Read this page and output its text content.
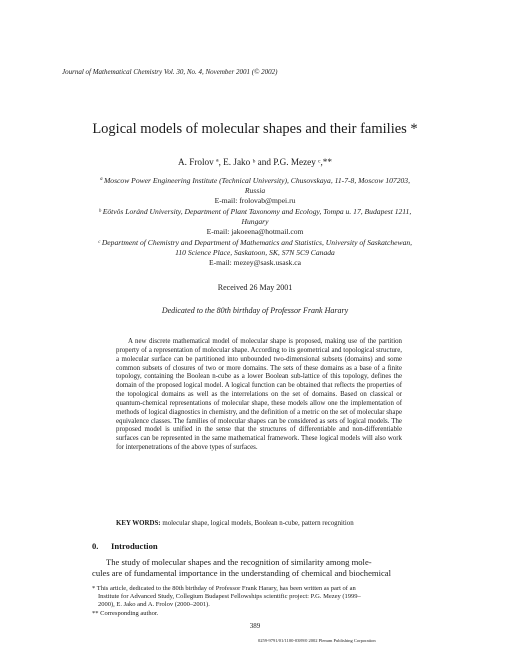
Journal of Mathematical Chemistry Vol. 30, No. 4, November 2001 (© 2002)
Logical models of molecular shapes and their families *
A. Frolov ª, E. Jako ᵇ and P.G. Mezey ᶜ,**
ª Moscow Power Engineering Institute (Technical University), Chusovskaya, 11-7-8, Moscow 107203,
Russia
E-mail: frolovab@mpei.ru
ᵇ Eötvös Loránd University, Department of Plant Taxonomy and Ecology, Tompa u. 17, Budapest 1211,
Hungary
E-mail: jakoeena@hotmail.com
ᶜ Department of Chemistry and Department of Mathematics and Statistics, University of Saskatchewan,
110 Science Place, Saskatoon, SK, S7N 5C9 Canada
E-mail: mezey@sask.usask.ca
Received 26 May 2001
Dedicated to the 80th birthday of Professor Frank Harary

A new discrete mathematical model of molecular shape is proposed, making use of the partition property of a representation of molecular shape. According to its geometrical and topological structure, a molecular surface can be partitioned into unbounded two-dimensional subsets (domains) and some common subsets of closures of two or more domains. The sets of these domains as a base of a finite topology, containing the Boolean n-cube as a lower Boolean sub-lattice of this topology, defines the domain of the proposed logical model. A logical function can be obtained that reflects the properties of the topological domains as well as the interrelations on the set of domains. Based on classical or quantum-chemical representations of molecular shape, these models allow one the implementation of methods of logical diagnostics in chemistry, and the definition of a metric on the set of molecular shape equivalence classes. The families of molecular shapes can be considered as sets of logical models. The proposed model is unified in the sense that the structures of differentiable and non-differentiable surfaces can be represented in the same mathematical framework. These logical models will also work for interpenetrations of the above types of surfaces.

KEY WORDS: molecular shape, logical models, Boolean n-cube, pattern recognition
0. Introduction
The study of molecular shapes and the recognition of similarity among mole-
cules are of fundamental importance in the understanding of chemical and biochemical
* This article, dedicated to the 80th birthday of Professor Frank Harary, has been written as part of an
Institute for Advanced Study, Collegium Budapest Fellowships scientific project: P.G. Mezey (1999–
2000), E. Jako and A. Frolov (2000–2001).
** Corresponding author.
389
0259-9791/01/1100-0389/0 2002 Plenum Publishing Corporation
